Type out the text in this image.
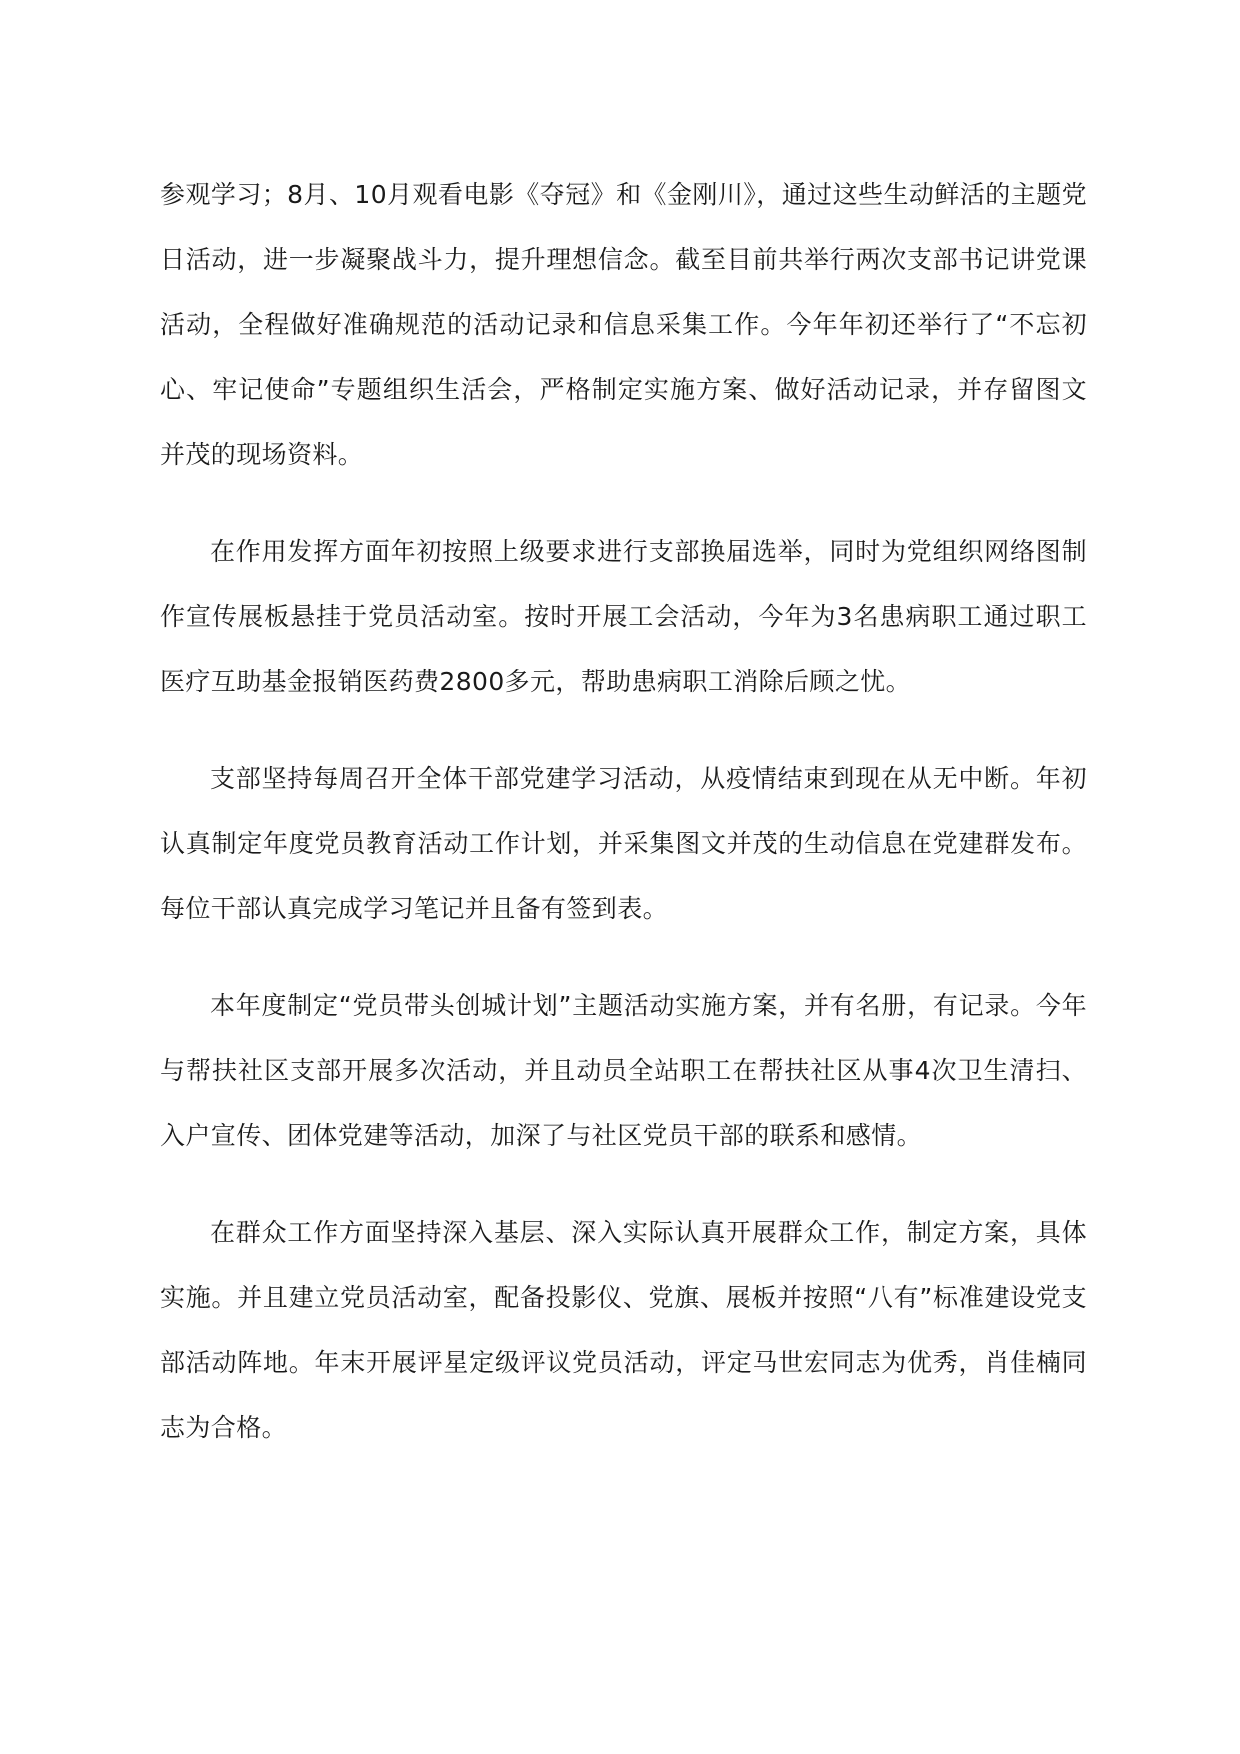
参观学习；8月、10月观看电影《夺冠》和《金刚川》，通过这些生动鲜活的主题党日活动，进一步凝聚战斗力，提升理想信念。截至目前共举行两次支部书记讲党课活动，全程做好准确规范的活动记录和信息采集工作。今年年初还举行了“不忘初心、牢记使命”专题组织生活会，严格制定实施方案、做好活动记录，并存留图文并茂的现场资料。

在作用发挥方面年初按照上级要求进行支部换届选举，同时为党组织网络图制作宣传展板悬挂于党员活动室。按时开展工会活动，今年为3名患病职工通过职工医疗互助基金报销医药费2800多元，帮助患病职工消除后顾之忧。

支部坚持每周召开全体干部党建学习活动，从疫情结束到现在从无中断。年初认真制定年度党员教育活动工作计划，并采集图文并茂的生动信息在党建群发布。每位干部认真完成学习笔记并且备有签到表。

本年度制定“党员带头创城计划”主题活动实施方案，并有名册，有记录。今年与帮扶社区支部开展多次活动，并且动员全站职工在帮扶社区从事4次卫生清扫、入户宣传、团体党建等活动，加深了与社区党员干部的联系和感情。

在群众工作方面坚持深入基层、深入实际认真开展群众工作，制定方案，具体实施。并且建立党员活动室，配备投影仪、党旗、展板并按照“八有”标准建设党支部活动阵地。年末开展评星定级评议党员活动，评定马世宏同志为优秀，肖佳楠同志为合格。
